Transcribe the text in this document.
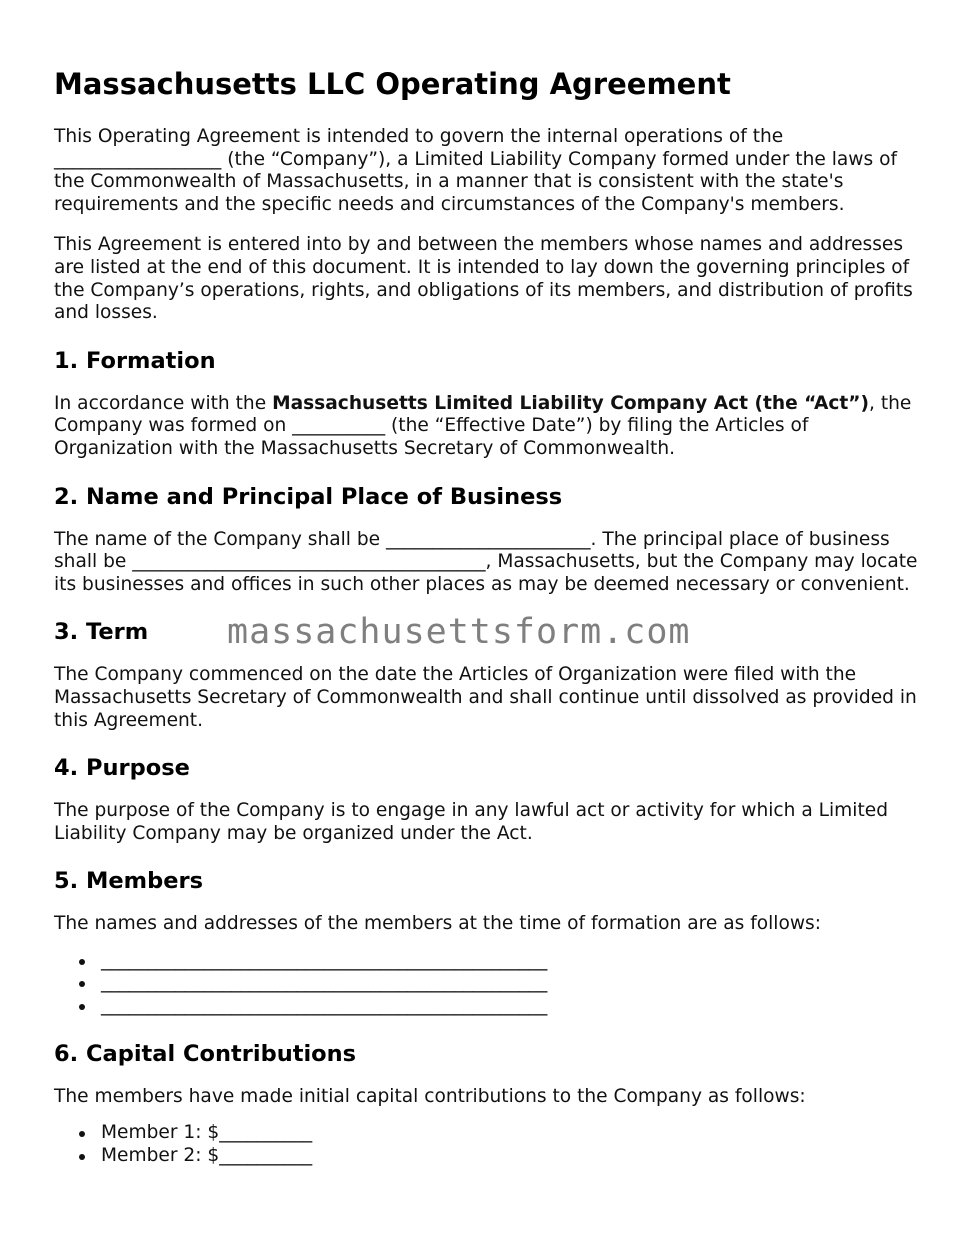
Massachusetts LLC Operating Agreement

This Operating Agreement is intended to govern the internal operations of the __________________ (the “Company”), a Limited Liability Company formed under the laws of the Commonwealth of Massachusetts, in a manner that is consistent with the state's requirements and the specific needs and circumstances of the Company's members.

This Agreement is entered into by and between the members whose names and addresses are listed at the end of this document. It is intended to lay down the governing principles of the Company’s operations, rights, and obligations of its members, and distribution of profits and losses.

1. Formation

In accordance with the Massachusetts Limited Liability Company Act (the “Act”), the Company was formed on __________ (the “Effective Date”) by filing the Articles of Organization with the Massachusetts Secretary of Commonwealth.

2. Name and Principal Place of Business

The name of the Company shall be ______________________. The principal place of business shall be ______________________________________, Massachusetts, but the Company may locate its businesses and offices in such other places as may be deemed necessary or convenient.

3. Term

The Company commenced on the date the Articles of Organization were filed with the Massachusetts Secretary of Commonwealth and shall continue until dissolved as provided in this Agreement.

4. Purpose

The purpose of the Company is to engage in any lawful act or activity for which a Limited Liability Company may be organized under the Act.

5. Members

The names and addresses of the members at the time of formation are as follows:

________________________________________________
________________________________________________
________________________________________________
6. Capital Contributions

The members have made initial capital contributions to the Company as follows:

Member 1: $__________
Member 2: $__________
massachusettsform.com
